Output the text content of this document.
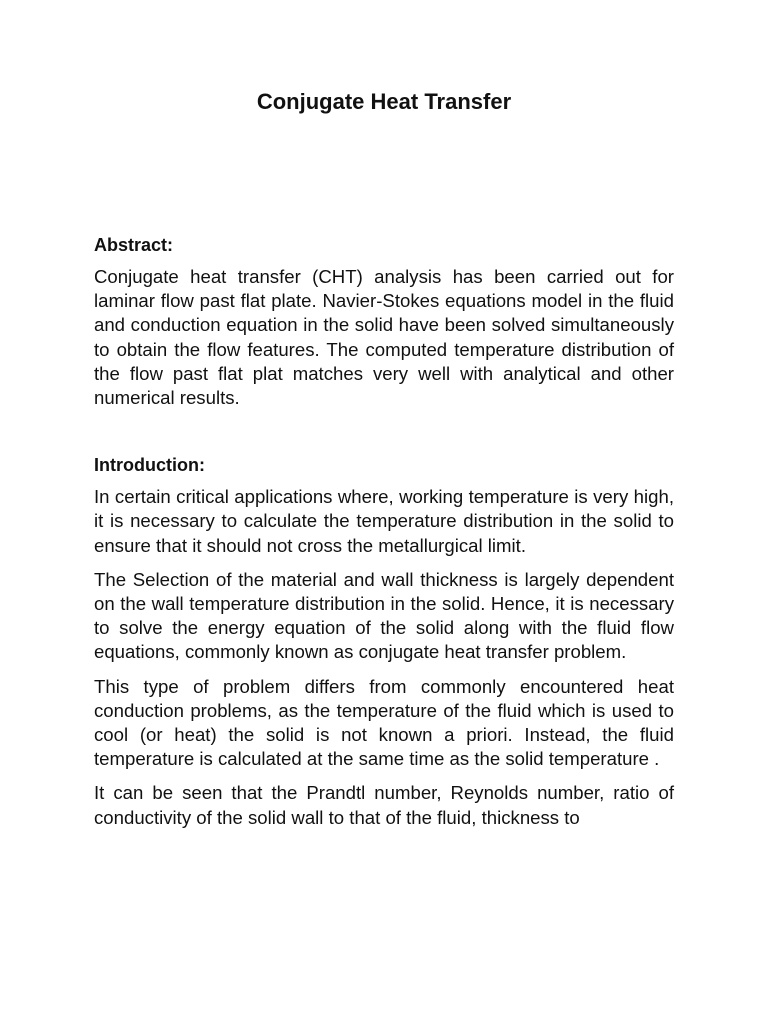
Conjugate Heat Transfer
Abstract:

Conjugate heat transfer (CHT) analysis has been carried out for laminar flow past flat plate. Navier-Stokes equations model in the fluid and conduction equation in the solid have been solved simultaneously to obtain the flow features. The computed temperature distribution of the flow past flat plat matches very well with analytical and other numerical results.

Introduction:

In certain critical applications where, working temperature is very high, it is necessary to calculate the temperature distribution in the solid to ensure that it should not cross the metallurgical limit.

The Selection of the material and wall thickness is largely dependent on the wall temperature distribution in the solid. Hence, it is necessary to solve the energy equation of the solid along with the fluid flow equations, commonly known as conjugate heat transfer problem.

This type of problem differs from commonly encountered heat conduction problems, as the temperature of the fluid which is used to cool (or heat) the solid is not known a priori. Instead, the fluid temperature is calculated at the same time as the solid temperature .

It can be seen that the Prandtl number, Reynolds number, ratio of conductivity of the solid wall to that of the fluid, thickness to
